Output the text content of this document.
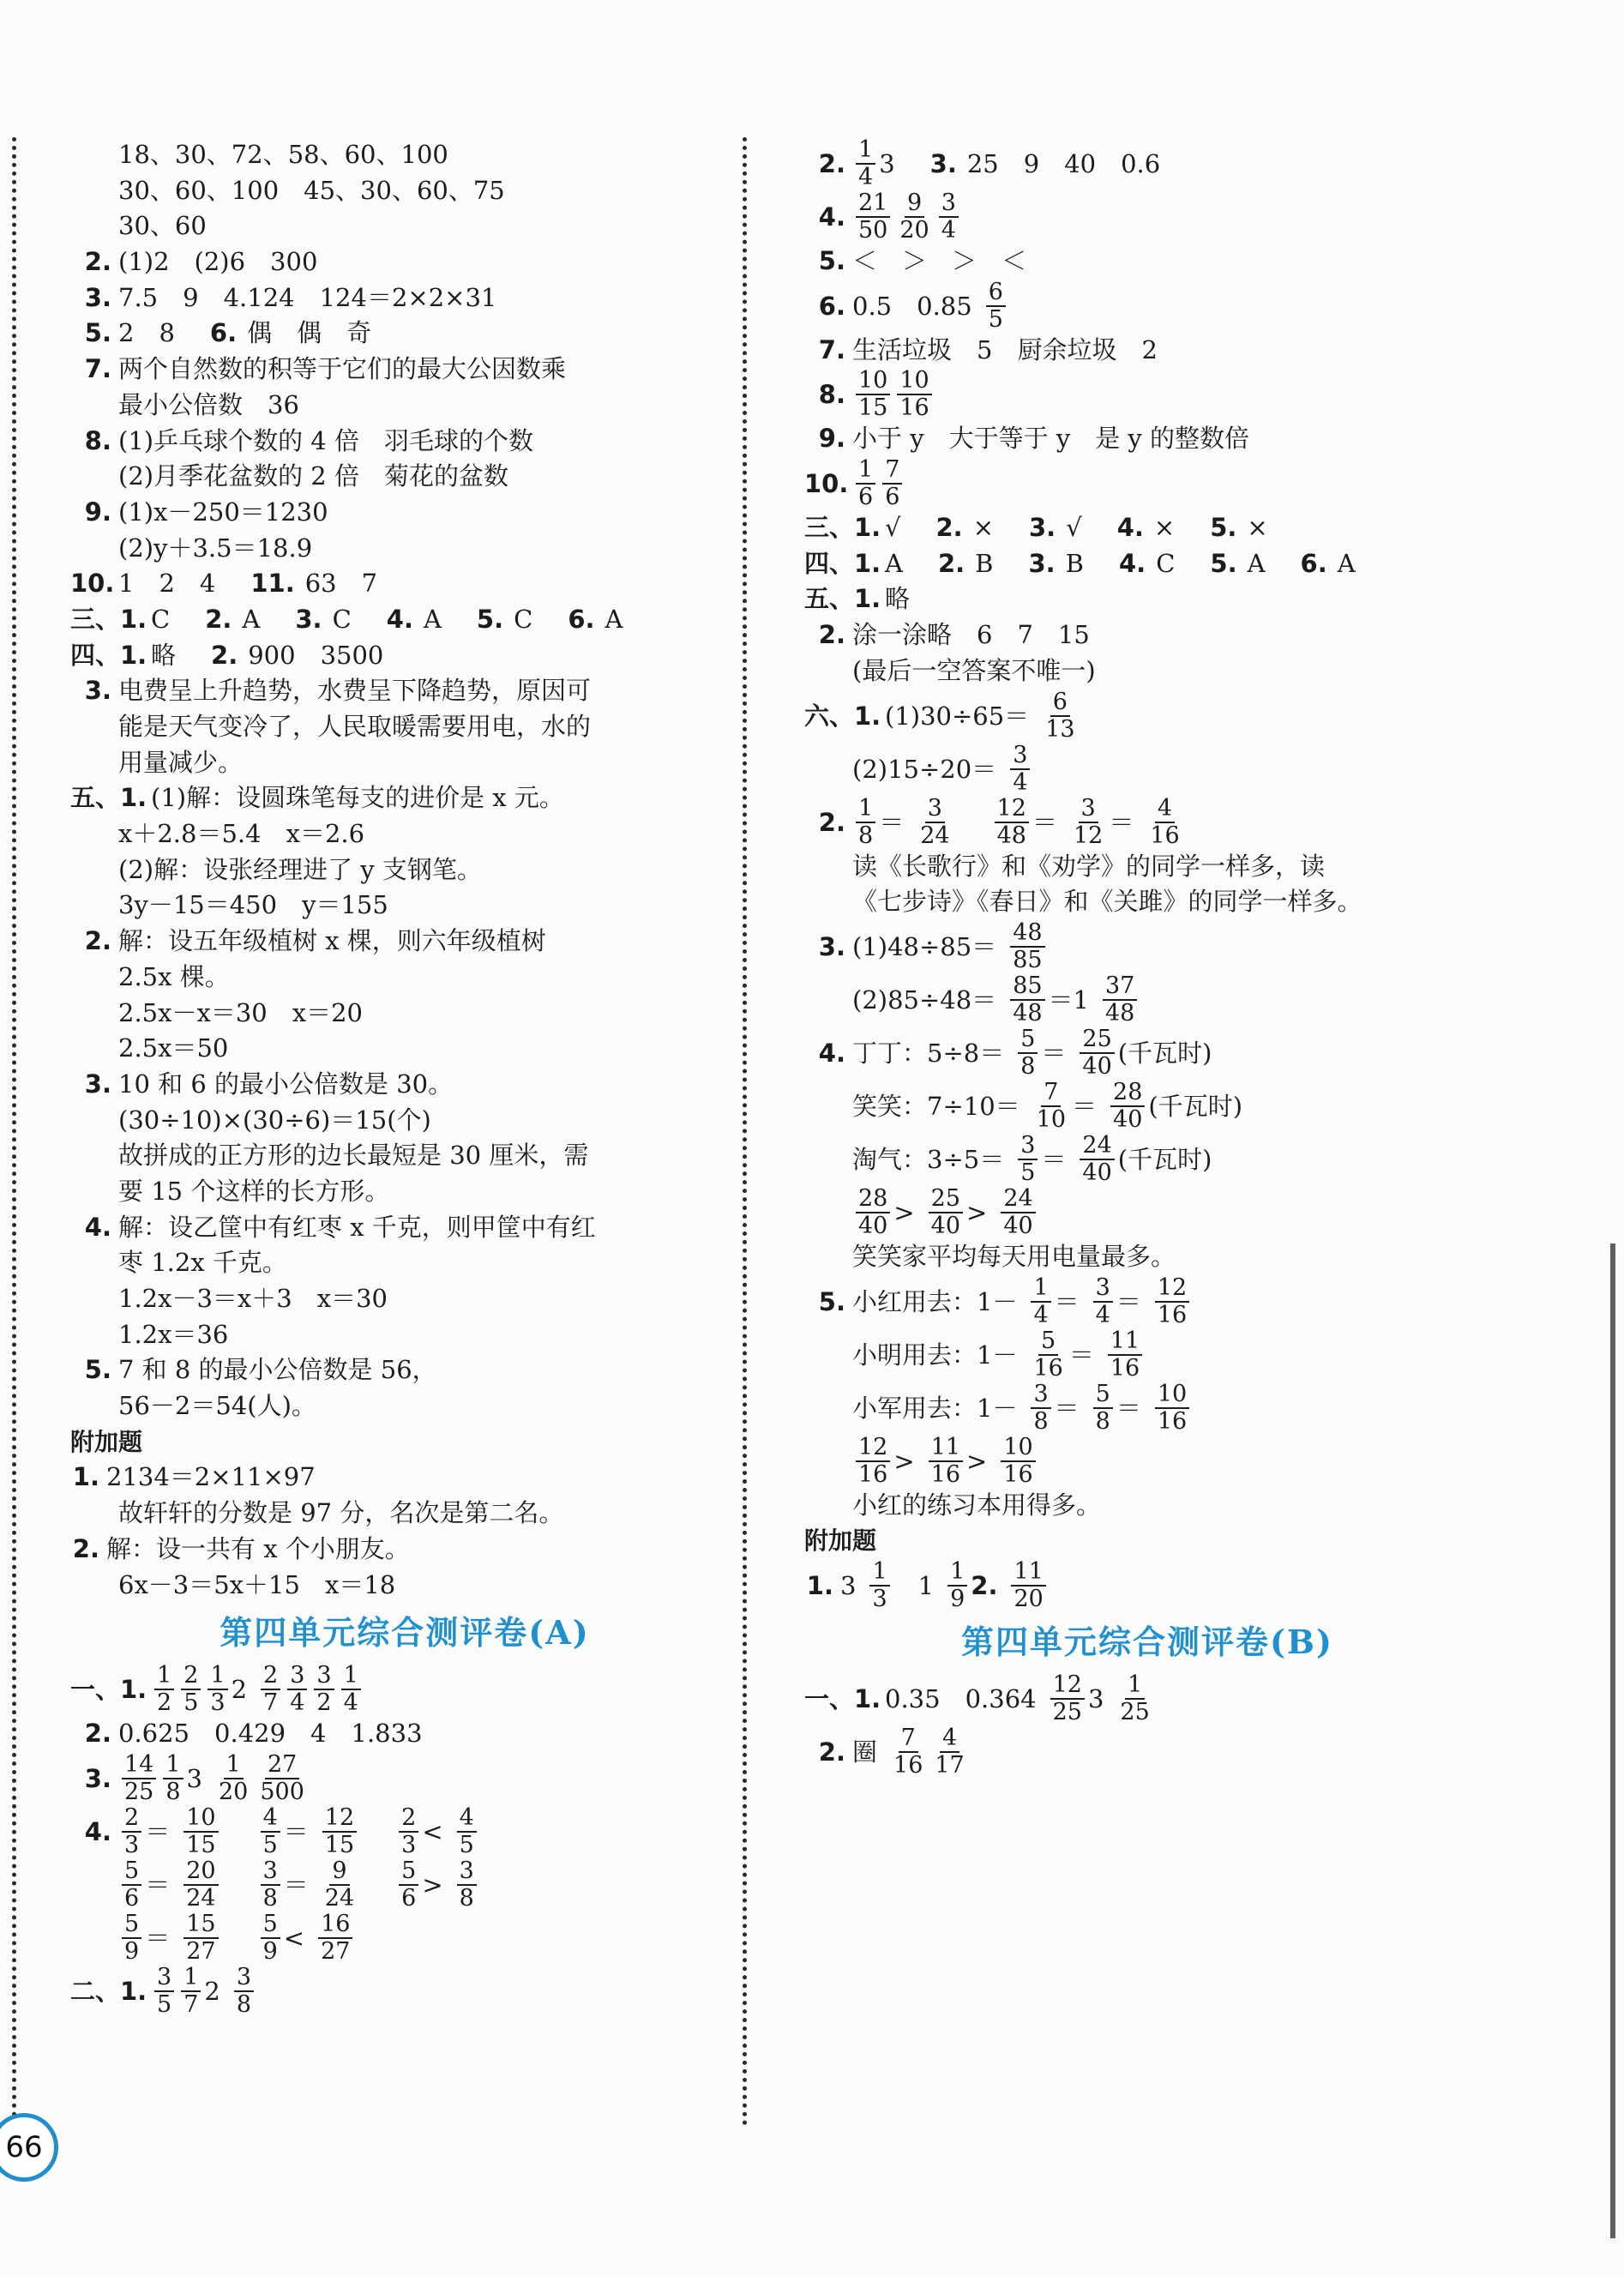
18、30、72、58、60、100
30、60、100　45、30、60、75
30、60
2. (1)2　(2)6　300
3. 7.5　9　4.124　124＝2×2×31
5. 2　8　 6. 偶　偶　奇
7. 两个自然数的积等于它们的最大公因数乘
最小公倍数　36
8. (1)乒乓球个数的 4 倍　羽毛球的个数
(2)月季花盆数的 2 倍　菊花的盆数
9. (1)x－250＝1230
(2)y＋3.5＝18.9
10. 1　2　4　 11. 63　7
三、1. C　 2. A　 3. C　 4. A　 5. C　 6. A
四、1. 略　 2. 900　3500
3. 电费呈上升趋势，水费呈下降趋势，原因可
能是天气变冷了，人民取暖需要用电，水的
用量减少。
五、1. (1)解：设圆珠笔每支的进价是 x 元。
x＋2.8＝5.4　x＝2.6
(2)解：设张经理进了 y 支钢笔。
3y－15＝450　y＝155
2. 解：设五年级植树 x 棵，则六年级植树
2.5x 棵。
2.5x－x＝30　x＝20
2.5x＝50
3. 10 和 6 的最小公倍数是 30。
(30÷10)×(30÷6)＝15(个)
故拼成的正方形的边长最短是 30 厘米，需
要 15 个这样的长方形。
4. 解：设乙筐中有红枣 x 千克，则甲筐中有红
枣 1.2x 千克。
1.2x－3＝x＋3　x＝30
1.2x＝36
5. 7 和 8 的最小公倍数是 56，
56－2＝54(人)。
附加题
1. 2134＝2×11×97
故轩轩的分数是 97 分，名次是第二名。
2. 解：设一共有 x 个小朋友。
6x－3＝5x＋15　x＝18
第四单元综合测评卷(A)
一、1. $\frac{1}{2} \frac{2}{5} \frac{1}{3} 2 \frac{2}{7} \frac{3}{4} \frac{3}{2} \frac{1}{4}$
2. 0.625　0.429　4　1.833
3. $\frac{14}{25} \frac{1}{8} 3 \frac{1}{20} \frac{27}{500}$
4. $\frac{2}{3} = \frac{10}{15}$
　 $\frac{4}{5} = \frac{12}{15}$
　 $\frac{2}{3} < \frac{4}{5}$
$\frac{5}{6} = \frac{20}{24}$
　 $\frac{3}{8} = \frac{9}{24}$
　 $\frac{5}{6} > \frac{3}{8}$
$\frac{5}{9} = \frac{15}{27}$
　 $\frac{5}{9} < \frac{16}{27}$
二、1. $\frac{3}{5} \frac{1}{7} 2 \frac{3}{8}$
2. $\frac{1}{4} 3$　 3. 25　9　40　0.6
4. $\frac{21}{50} \frac{9}{20} \frac{3}{4}$
5. ＜　＞　＞　＜
6. 0.5　$0.85 \frac{6}{5}$
7. 生活垃圾　5　厨余垃圾　2
8. $\frac{10}{15} \frac{10}{16}$
9. 小于 y　大于等于 y　是 y 的整数倍
10. $\frac{1}{6} \frac{7}{6}$
三、1. √　 2. ×　 3. √　 4. ×　 5. ×
四、1. A　 2. B　 3. B　 4. C　 5. A　 6. A
五、1. 略
2. 涂一涂略　6　7　15
(最后一空答案不唯一)
六、1. $(1)30\div 65= \frac{6}{13}$
$(2)15\div 20= \frac{3}{4}$
2. $\frac{1}{8} = \frac{3}{24}$
　 $\frac{12}{48} = \frac{3}{12} = \frac{4}{16}$
读《长歌行》和《劝学》的同学一样多，读
《七步诗》《春日》和《关雎》的同学一样多。
3. $(1)48\div 85= \frac{48}{85}$
$(2)85\div 48= \frac{85}{48} =1 \frac{37}{48}$
4. 丁丁：$5\div 8= \frac{5}{8} = \frac{25}{40}$ (千瓦时)
笑笑：$7\div 10= \frac{7}{10} = \frac{28}{40}$ (千瓦时)
淘气：$3\div 5= \frac{3}{5} = \frac{24}{40}$ (千瓦时)
$\frac{28}{40} > \frac{25}{40} > \frac{24}{40}$
笑笑家平均每天用电量最多。
5. 小红用去：$1- \frac{1}{4} = \frac{3}{4} = \frac{12}{16}$
小明用去：$1- \frac{5}{16} = \frac{11}{16}$
小军用去：$1- \frac{3}{8} = \frac{5}{8} = \frac{10}{16}$
$\frac{12}{16} > \frac{11}{16} > \frac{10}{16}$
小红的练习本用得多。
附加题
1. $3 \frac{1}{3}$ 　$1 \frac{1}{9} 2$. $\frac{11}{20}$
第四单元综合测评卷(B)
一、1. 0.35　$0.364 \frac{12}{25} 3 \frac{1}{25}$
2. 圈 $\frac{7}{16} \frac{4}{17}$
66
